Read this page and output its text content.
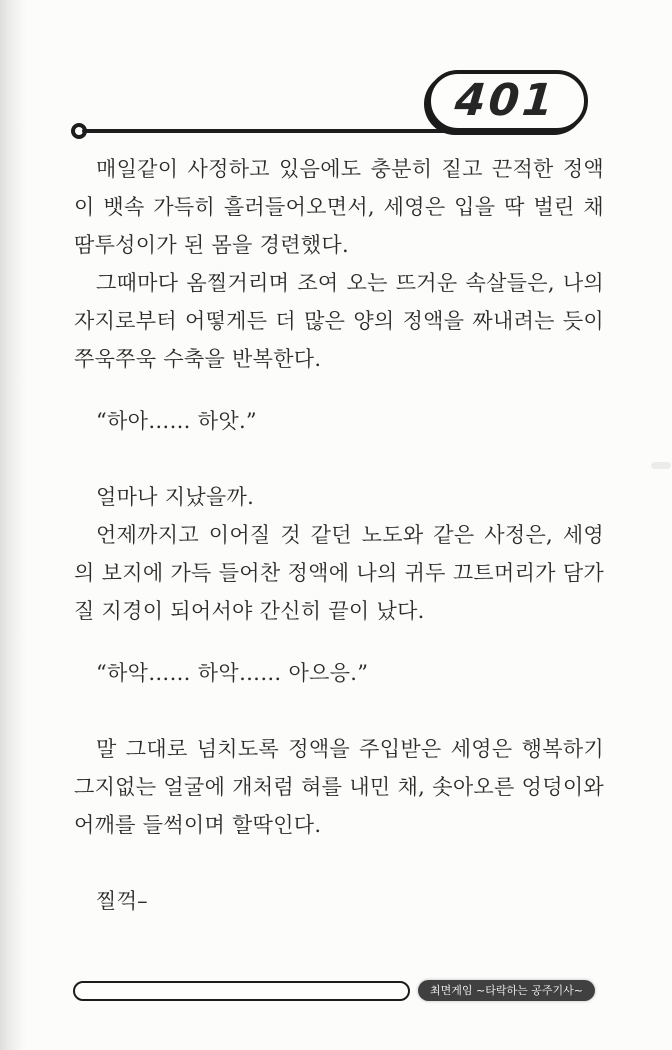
401

매일같이 사정하고 있음에도 충분히 짙고 끈적한 정액이 뱃속 가득히 흘러들어오면서, 세영은 입을 딱 벌린 채 땀투성이가 된 몸을 경련했다.

그때마다 옴찔거리며 조여 오는 뜨거운 속살들은, 나의 자지로부터 어떻게든 더 많은 양의 정액을 짜내려는 듯이 쭈욱쭈욱 수축을 반복한다.

“하아…… 하앗.”

얼마나 지났을까.

언제까지고 이어질 것 같던 노도와 같은 사정은, 세영의 보지에 가득 들어찬 정액에 나의 귀두 끄트머리가 담가질 지경이 되어서야 간신히 끝이 났다.

“하악…… 하악…… 아으응.”

말 그대로 넘치도록 정액을 주입받은 세영은 행복하기 그지없는 얼굴에 개처럼 혀를 내민 채, 솟아오른 엉덩이와 어깨를 들썩이며 할딱인다.

찔꺽–

최면게임 ~타락하는 공주기사~
